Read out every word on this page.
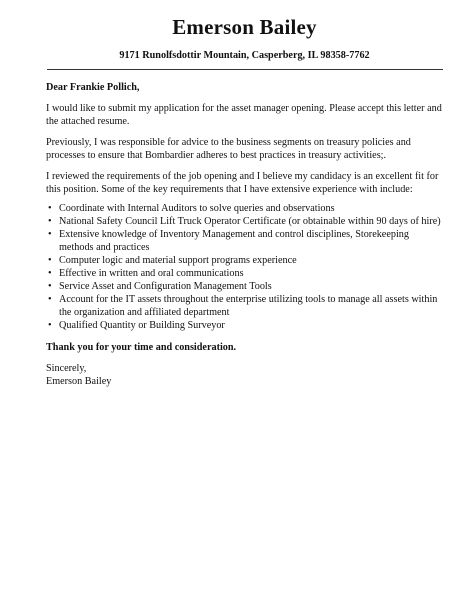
Emerson Bailey
9171 Runolfsdottir Mountain, Casperberg, IL 98358-7762
Dear Frankie Pollich,
I would like to submit my application for the asset manager opening. Please accept this letter and the attached resume.
Previously, I was responsible for advice to the business segments on treasury policies and processes to ensure that Bombardier adheres to best practices in treasury activities;.
I reviewed the requirements of the job opening and I believe my candidacy is an excellent fit for this position. Some of the key requirements that I have extensive experience with include:
• Coordinate with Internal Auditors to solve queries and observations
• National Safety Council Lift Truck Operator Certificate (or obtainable within 90 days of hire)
• Extensive knowledge of Inventory Management and control disciplines, Storekeeping methods and practices
• Computer logic and material support programs experience
• Effective in written and oral communications
• Service Asset and Configuration Management Tools
• Account for the IT assets throughout the enterprise utilizing tools to manage all assets within the organization and affiliated department
• Qualified Quantity or Building Surveyor
Thank you for your time and consideration.
Sincerely,
Emerson Bailey
